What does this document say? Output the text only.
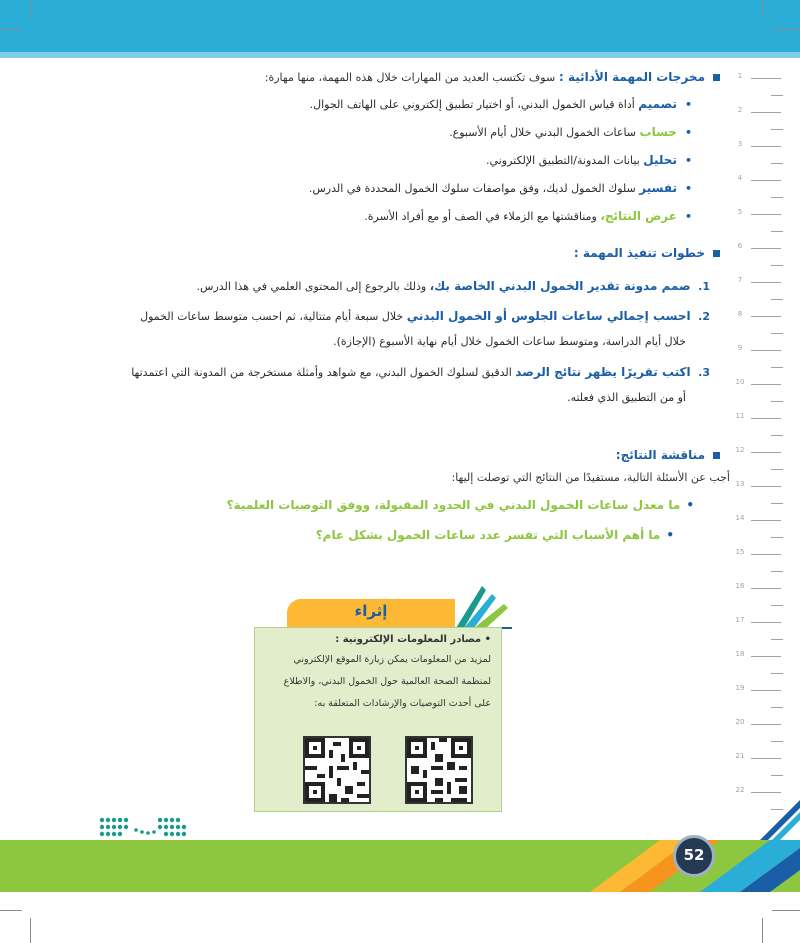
1
2
3
4
5
6
7
8
9
10
11
12
13
14
15
16
17
18
19
20
21
22
مخرجات المهمة الأدائية : سوف تكتسب العديد من المهارات خلال هذه المهمة، منها مهارة:
•تصميم أداة قياس الخمول البدني، أو اختيار تطبيق إلكتروني على الهاتف الجوال.
•حساب ساعات الخمول البدني خلال أيام الأسبوع.
•تحليل بيانات المدونة/التطبيق الإلكتروني.
•تفسير سلوك الخمول لديك، وفق مواصفات سلوك الخمول المحددة في الدرس.
•عرض النتائج، ومناقشتها مع الزملاء في الصف أو مع أفراد الأسرة.
خطوات تنفيذ المهمة :
1. صمم مدونة تقدير الخمول البدني الخاصة بك، وذلك بالرجوع إلى المحتوى العلمي في هذا الدرس.
2. احسب إجمالي ساعات الجلوس أو الخمول البدني خلال سبعة أيام متتالية، ثم احسب متوسط ساعات الخمول
خلال أيام الدراسة، ومتوسط ساعات الخمول خلال أيام نهاية الأسبوع (الإجازة).
3. اكتب تقريرًا يظهر نتائج الرصد الدقيق لسلوك الخمول البدني، مع شواهد وأمثلة مستخرجة من المدونة التي اعتمدتها
أو من التطبيق الذي فعلته.
مناقشة النتائج:
أجب عن الأسئلة التالية، مستفيدًا من النتائج التي توصلت إليها:
•ما معدل ساعات الخمول البدني في الحدود المقبولة، ووفق التوصيات العلمية؟
•ما أهم الأسباب التي تفسر عدد ساعات الخمول بشكل عام؟
إثراء
• مصادر المعلومات الإلكترونية :
لمزيد من المعلومات يمكن زيارة الموقع الإلكتروني
لمنظمة الصحة العالمية حول الخمول البدني، والاطلاع
على أحدث التوصيات والإرشادات المتعلقة به:
52
